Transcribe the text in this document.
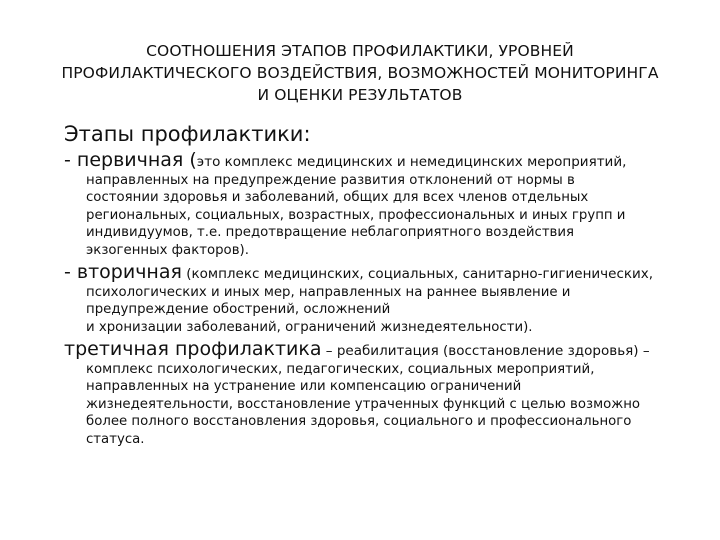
СООТНОШЕНИЯ ЭТАПОВ ПРОФИЛАКТИКИ, УРОВНЕЙ
ПРОФИЛАКТИЧЕСКОГО ВОЗДЕЙСТВИЯ, ВОЗМОЖНОСТЕЙ МОНИТОРИНГА
И ОЦЕНКИ РЕЗУЛЬТАТОВ
Этапы профилактики:
- первичная (это комплекс медицинских и немедицинских мероприятий,
направленных на предупреждение развития отклонений от нормы в
состоянии здоровья и заболеваний, общих для всех членов отдельных
региональных, социальных, возрастных, профессиональных и иных групп и
индивидуумов, т.е. предотвращение неблагоприятного воздействия
экзогенных факторов).
- вторичная (комплекс медицинских, социальных, санитарно-гигиенических,
психологических и иных мер, направленных на раннее выявление и
предупреждение обострений, осложнений
и хронизации заболеваний, ограничений жизнедеятельности).
третичная профилактика – реабилитация (восстановление здоровья) –
комплекс психологических, педагогических, социальных мероприятий,
направленных на устранение или компенсацию ограничений
жизнедеятельности, восстановление утраченных функций с целью возможно
более полного восстановления здоровья, социального и профессионального
статуса.
